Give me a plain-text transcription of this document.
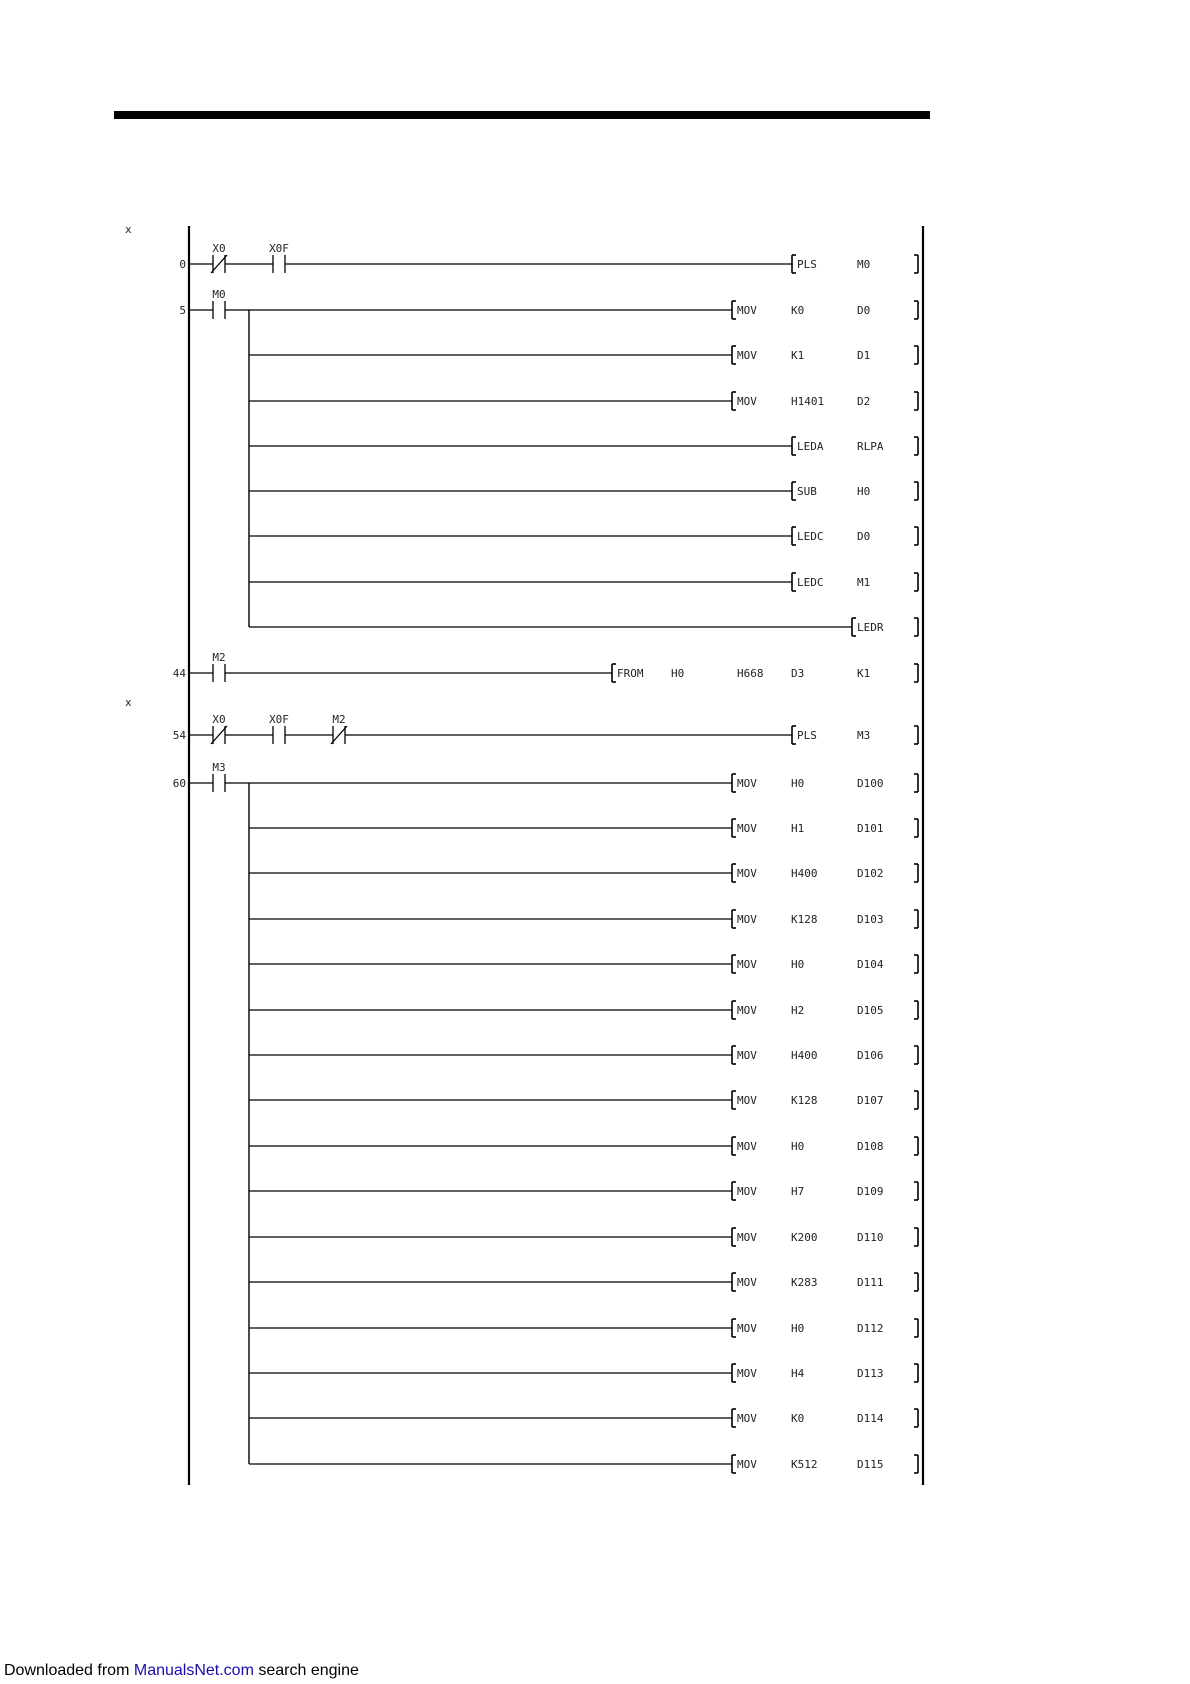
x
x
0
X0	X0F
PLS	M0
5
M0
MOV	K0	D0
MOV	K1	D1
MOV	H1401	D2
LEDA	RLPA
SUB	H0
LEDC	D0
LEDC	M1
LEDR
44
M2
FROM	H0	H668	D3	K1
54
X0	X0F	M2
PLS	M3
60
M3
MOV	H0	D100
MOV	H1	D101
MOV	H400	D102
MOV	K128	D103
MOV	H0	D104
MOV	H2	D105
MOV	H400	D106
MOV	K128	D107
MOV	H0	D108
MOV	H7	D109
MOV	K200	D110
MOV	K283	D111
MOV	H0	D112
MOV	H4	D113
MOV	K0	D114
MOV	K512	D115
Downloaded from ManualsNet.com search engine
